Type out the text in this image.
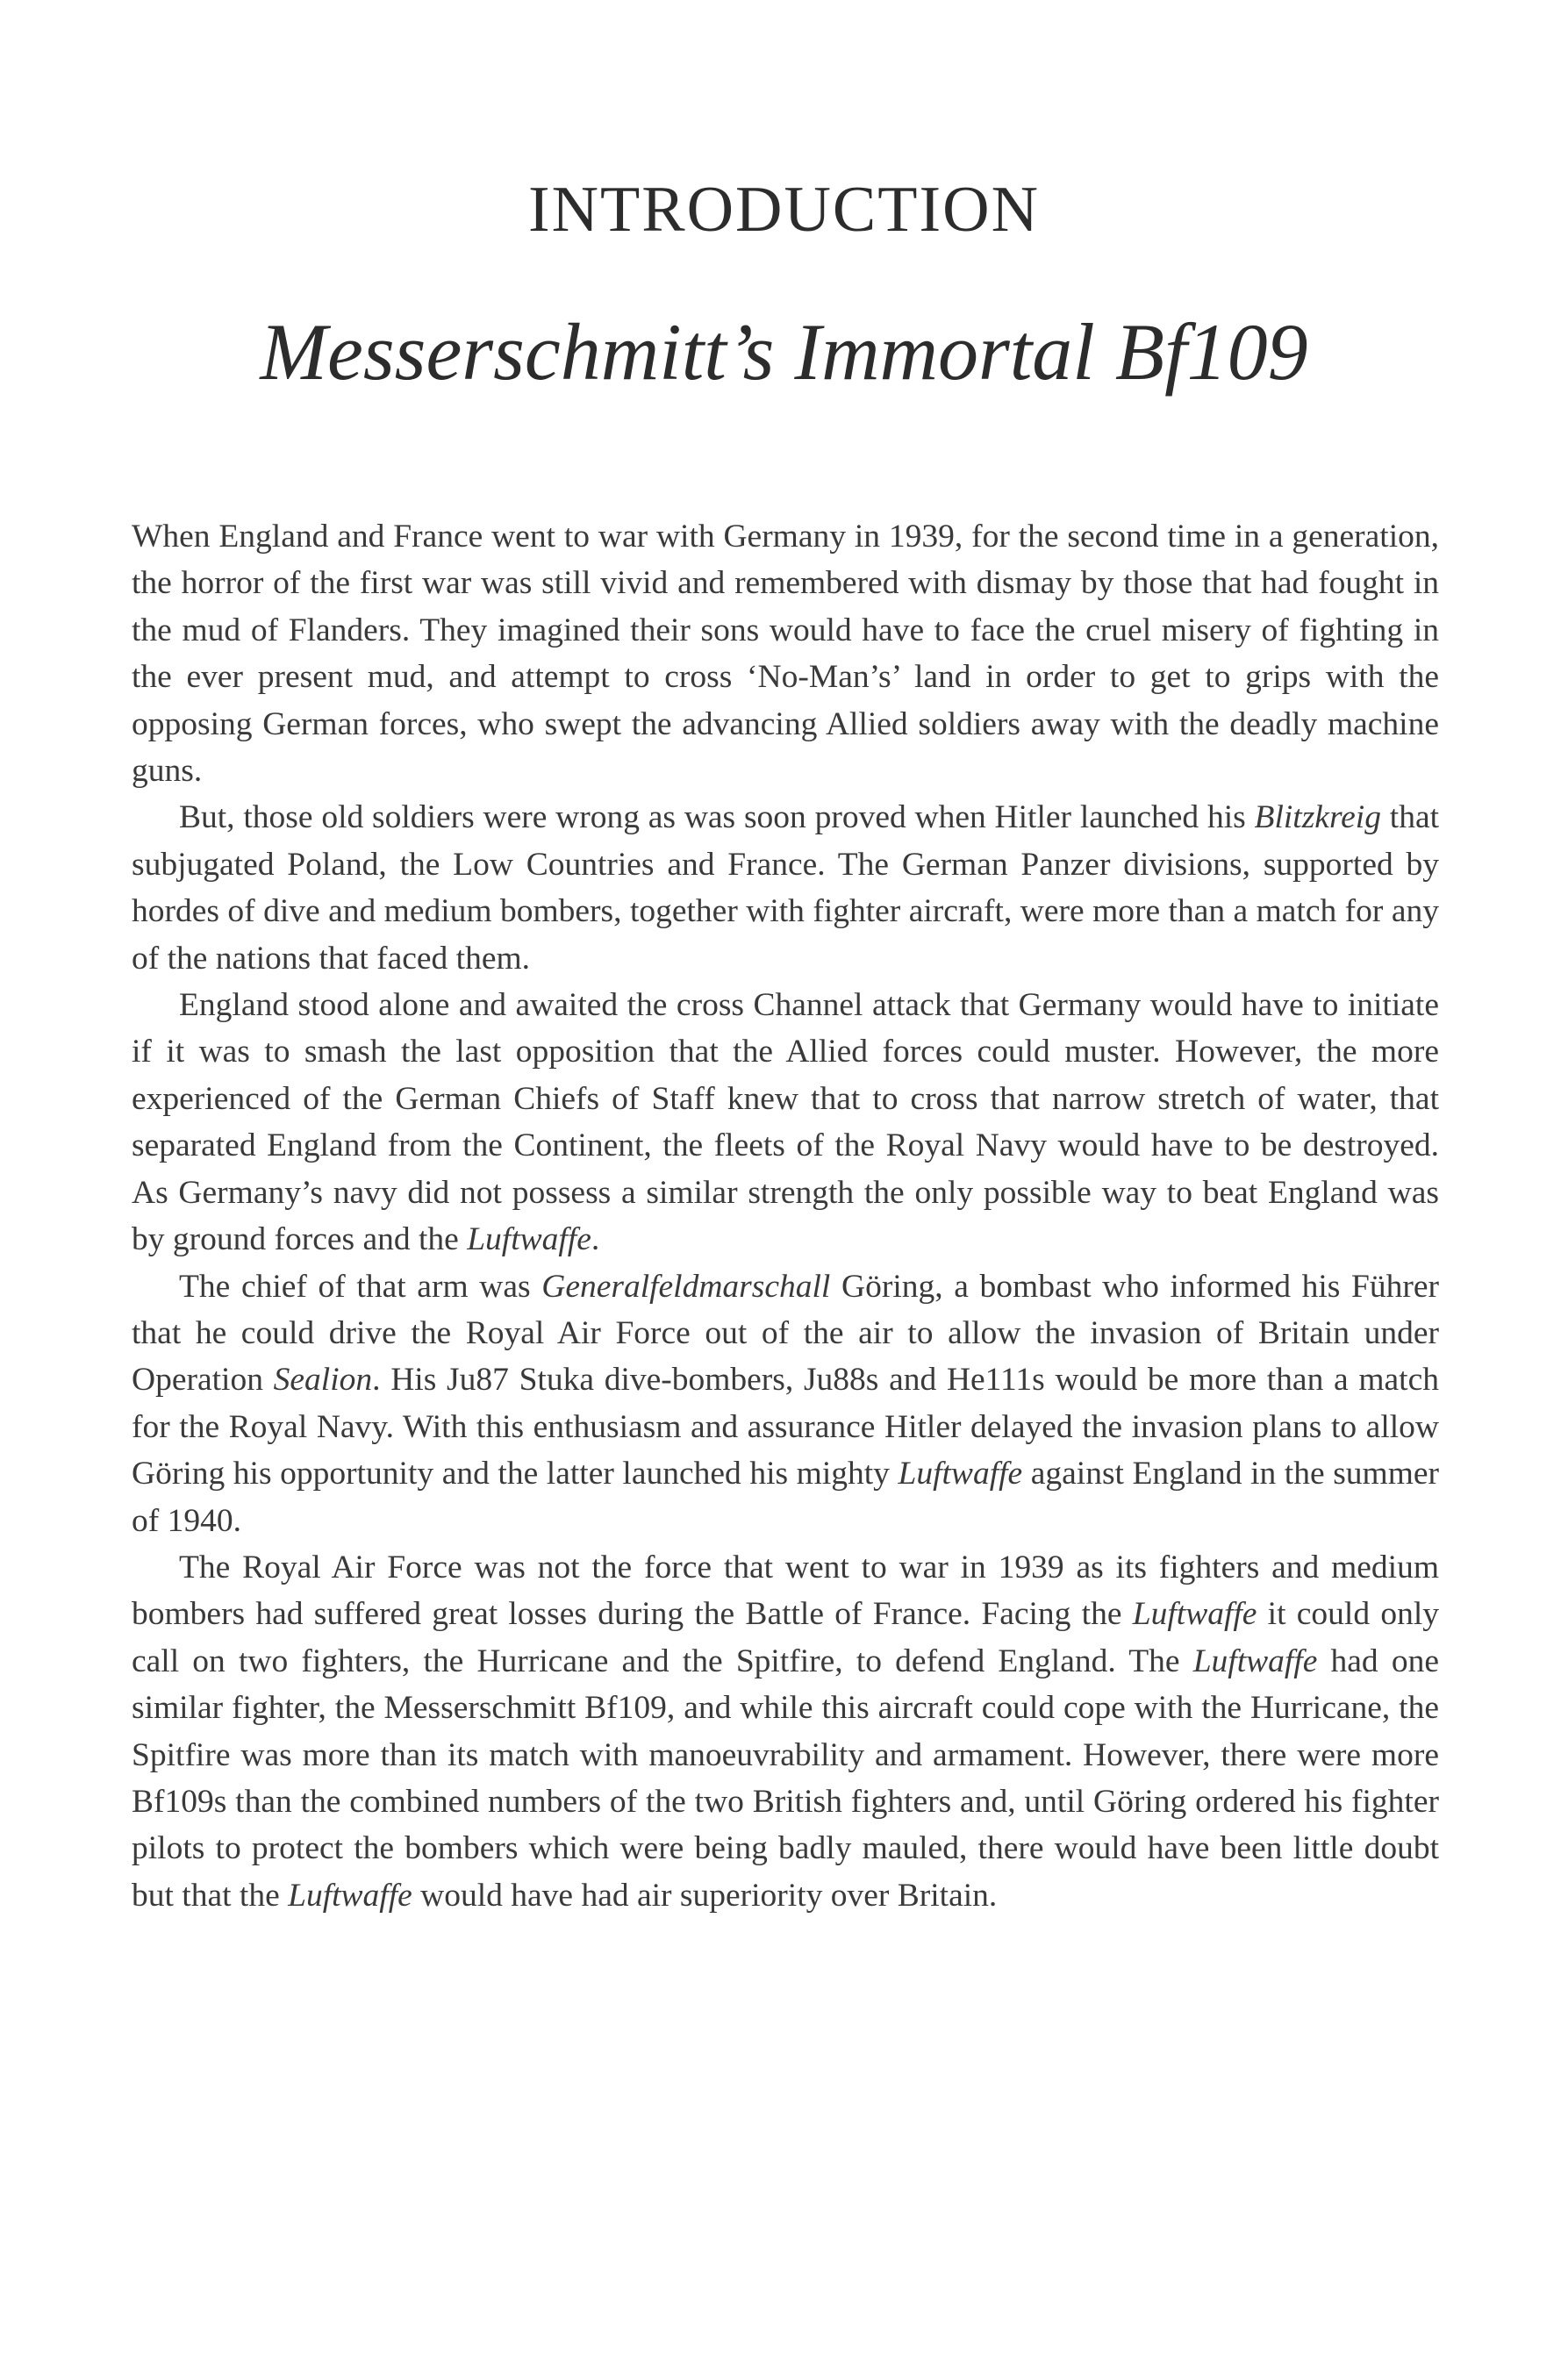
INTRODUCTION
Messerschmitt’s Immortal Bf109

When England and France went to war with Germany in 1939, for the second time in a generation, the horror of the first war was still vivid and remembered with dismay by those that had fought in the mud of Flanders. They imagined their sons would have to face the cruel misery of fighting in the ever present mud, and attempt to cross ‘No-Man’s’ land in order to get to grips with the opposing German forces, who swept the advancing Allied soldiers away with the deadly machine guns.

But, those old soldiers were wrong as was soon proved when Hitler launched his Blitzkreig that subjugated Poland, the Low Countries and France. The German Panzer divisions, supported by hordes of dive and medium bombers, together with fighter aircraft, were more than a match for any of the nations that faced them.

England stood alone and awaited the cross Channel attack that Germany would have to initiate if it was to smash the last opposition that the Allied forces could muster. However, the more experienced of the German Chiefs of Staff knew that to cross that narrow stretch of water, that separated England from the Continent, the fleets of the Royal Navy would have to be destroyed. As Germany’s navy did not possess a similar strength the only possible way to beat England was by ground forces and the Luftwaffe.

The chief of that arm was Generalfeldmarschall Göring, a bombast who informed his Führer that he could drive the Royal Air Force out of the air to allow the invasion of Britain under Operation Sealion. His Ju87 Stuka dive-bombers, Ju88s and He111s would be more than a match for the Royal Navy. With this enthusiasm and assurance Hitler delayed the invasion plans to allow Göring his opportunity and the latter launched his mighty Luftwaffe against England in the summer of 1940.

The Royal Air Force was not the force that went to war in 1939 as its fighters and medium bombers had suffered great losses during the Battle of France. Facing the Luftwaffe it could only call on two fighters, the Hurricane and the Spitfire, to defend England. The Luftwaffe had one similar fighter, the Messerschmitt Bf109, and while this aircraft could cope with the Hurricane, the Spitfire was more than its match with manoeuvrability and armament. However, there were more Bf109s than the combined numbers of the two British fighters and, until Göring ordered his fighter pilots to protect the bombers which were being badly mauled, there would have been little doubt but that the Luftwaffe would have had air superiority over Britain.
